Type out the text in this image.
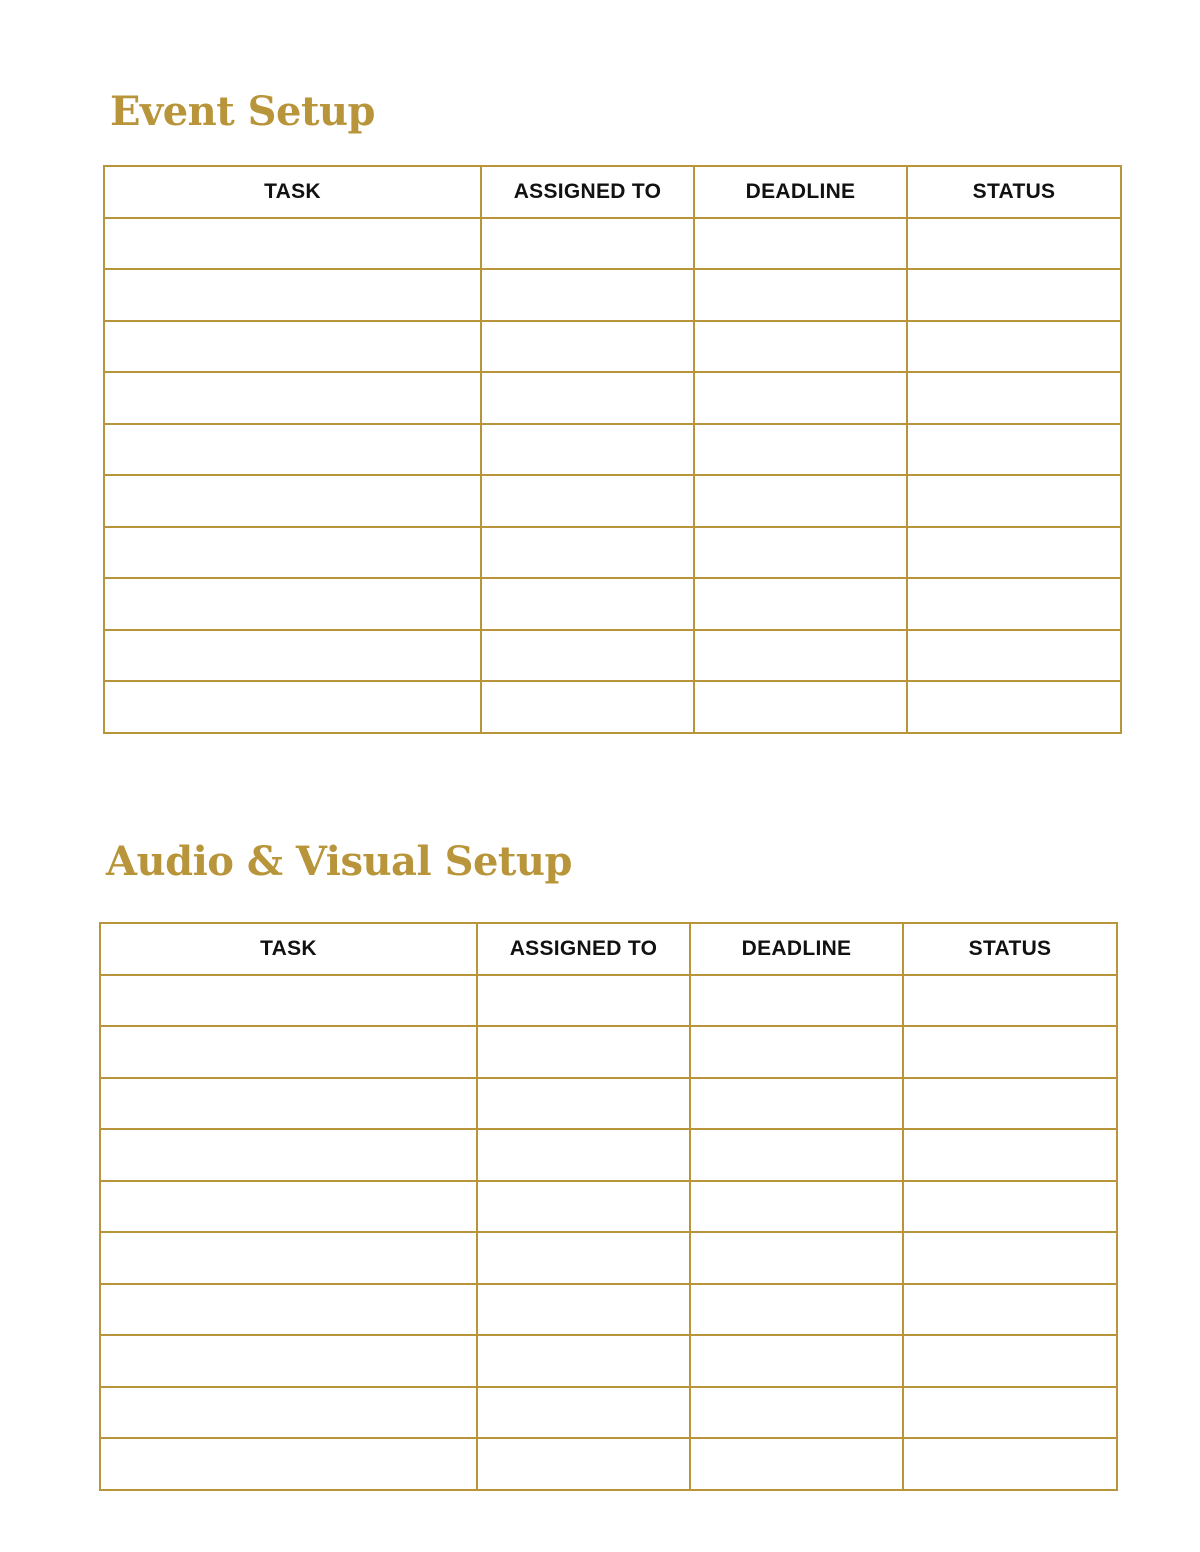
Event Setup
TASK	ASSIGNED TO	DEADLINE	STATUS

Audio & Visual Setup
TASK	ASSIGNED TO	DEADLINE	STATUS
